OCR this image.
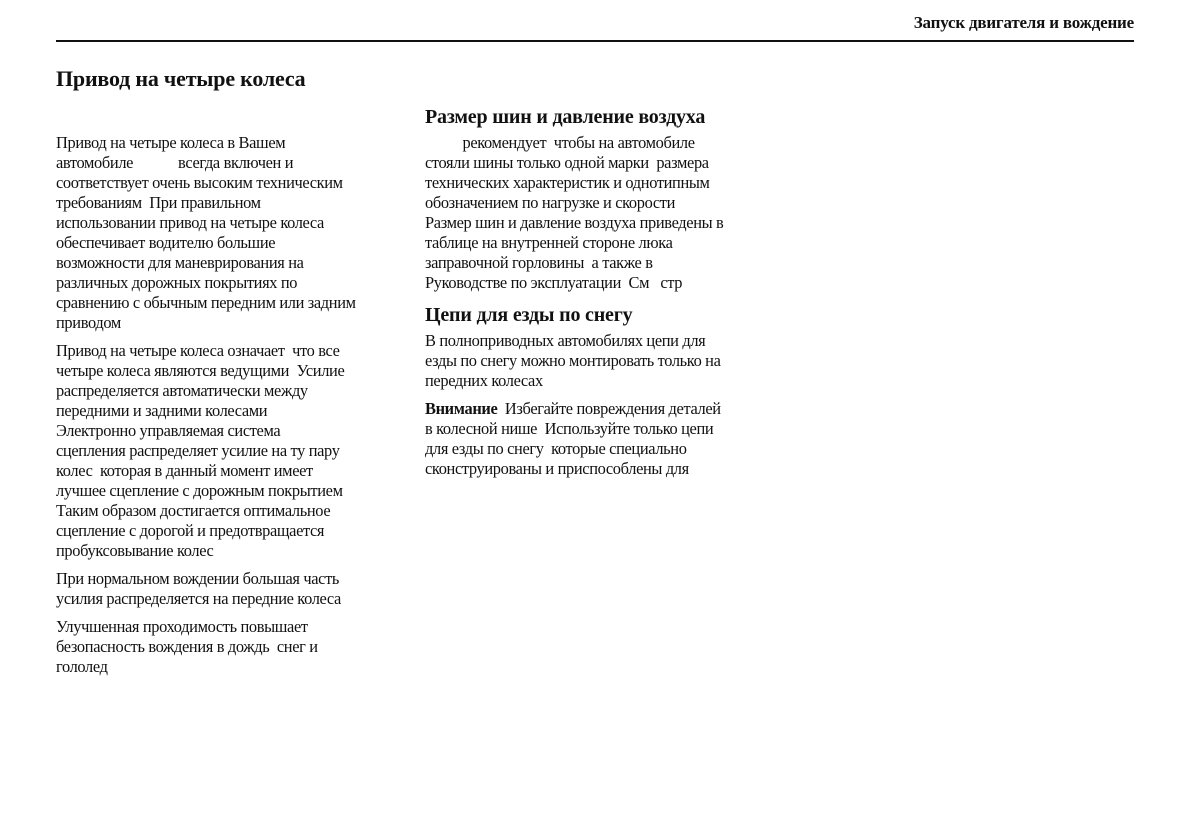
Запуск двигателя и вождение
Привод на четыре колеса

Привод на четыре колеса в Вашем
автомобиле            всегда включен и
соответствует очень высоким техническим
требованиям  При правильном
использовании привод на четыре колеса
обеспечивает водителю большие
возможности для маневрирования на
различных дорожных покрытиях по
сравнению с обычным передним или задним
приводом

Привод на четыре колеса означает  что все
четыре колеса являются ведущими  Усилие
распределяется автоматически между
передними и задними колесами
Электронно управляемая система
сцепления распределяет усилие на ту пару
колес  которая в данный момент имеет
лучшее сцепление с дорожным покрытием
Таким образом достигается оптимальное
сцепление с дорогой и предотвращается
пробуксовывание колес

При нормальном вождении большая часть
усилия распределяется на передние колеса

Улучшенная проходимость повышает
безопасность вождения в дождь  снег и
гололед

Размер шин и давление воздуха

рекомендует  чтобы на автомобиле
стояли шины только одной марки  размера
технических характеристик и однотипным
обозначением по нагрузке и скорости
Размер шин и давление воздуха приведены в
таблице на внутренней стороне люка
заправочной горловины  а также в
Руководстве по эксплуатации  См   стр

Цепи для езды по снегу

В полноприводных автомобилях цепи для
езды по снегу можно монтировать только на
передних колесах

Внимание  Избегайте повреждения деталей
в колесной нише  Используйте только цепи
для езды по снегу  которые специально
сконструированы и приспособлены для
